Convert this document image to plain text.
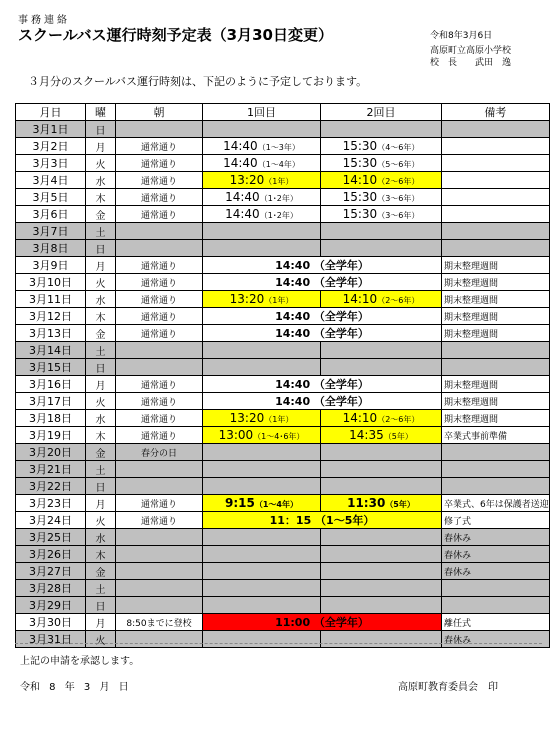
事務連絡
スクールバス運行時刻予定表（3月30日変更）	令和8年3月6日
高原町立高原小学校
校　長　　武田　逸
３月分のスクールバス運行時刻は、下記のように予定しております。
月日	曜	朝	1回目	2回目	備考
3月1日	日				
3月2日	月	通常通り	14:40（1～3年）	15:30（4～6年）	
3月3日	火	通常通り	14:40（1～4年）	15:30（5～6年）	
3月4日	水	通常通り	13:20（1年）	14:10（2～6年）	
3月5日	木	通常通り	14:40（1･2年）	15:30（3～6年）	
3月6日	金	通常通り	14:40（1･2年）	15:30（3～6年）	
3月7日	土				
3月8日	日				
3月9日	月	通常通り	14:40 （全学年）		期末整理週間
3月10日	火	通常通り	14:40 （全学年）		期末整理週間
3月11日	水	通常通り	13:20（1年）	14:10（2～6年）	期末整理週間
3月12日	木	通常通り	14:40 （全学年）		期末整理週間
3月13日	金	通常通り	14:40 （全学年）		期末整理週間
3月14日	土				
3月15日	日				
3月16日	月	通常通り	14:40 （全学年）		期末整理週間
3月17日	火	通常通り	14:40 （全学年）		期末整理週間
3月18日	水	通常通り	13:20（1年）	14:10（2～6年）	期末整理週間
3月19日	木	通常通り	13:00（1～4･6年）	14:35（5年）	卒業式事前準備
3月20日	金	春分の日			
3月21日	土				
3月22日	日				
3月23日	月	通常通り	9:15（1～4年）	11:30（5年）	卒業式、6年は保護者送迎
3月24日	火	通常通り	11：15 （1～5年）		修了式
3月25日	水				春休み
3月26日	木				春休み
3月27日	金				春休み
3月28日	土				
3月29日	日				
3月30日	月	8:50までに登校	11:00 （全学年）		離任式
3月31日	火				春休み
上記の申請を承認します。
令和 8 年 3 月 日	高原町教育委員会　印
